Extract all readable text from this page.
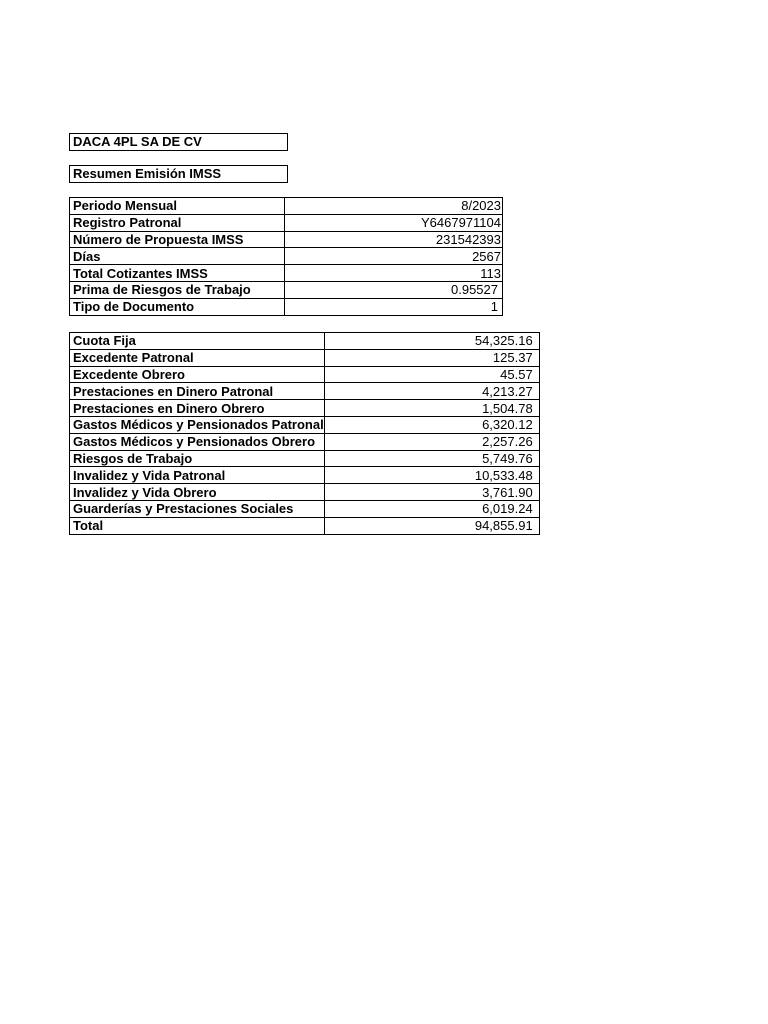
DACA 4PL SA DE CV
Resumen Emisión IMSS
Periodo Mensual	8/2023
Registro Patronal	Y6467971104
Número de Propuesta IMSS	231542393
Días	2567
Total Cotizantes IMSS	113
Prima de Riesgos de Trabajo	0.95527
Tipo de Documento	1
Cuota Fija	54,325.16
Excedente Patronal	125.37
Excedente Obrero	45.57
Prestaciones en Dinero Patronal	4,213.27
Prestaciones en Dinero Obrero	1,504.78
Gastos Médicos y Pensionados Patronal	6,320.12
Gastos Médicos y Pensionados Obrero	2,257.26
Riesgos de Trabajo	5,749.76
Invalidez y Vida Patronal	10,533.48
Invalidez y Vida Obrero	3,761.90
Guarderías y Prestaciones Sociales	6,019.24
Total	94,855.91
